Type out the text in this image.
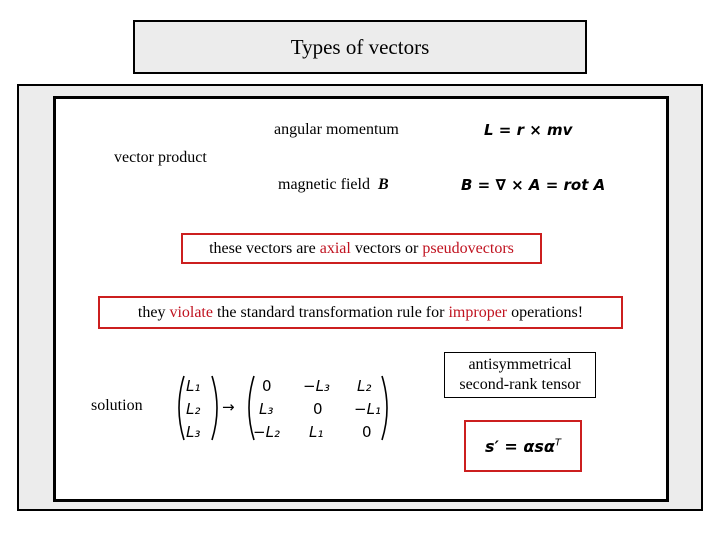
Types of vectors
angular momentum	L = r × mv
vector product
magnetic field B	B = ∇ × A = rot A
these vectors are axial vectors or pseudovectors
they violate the standard transformation rule for improper operations!
solution
L₁
L₂
L₃
→
0 −L₃ L₂
L₃	0 −L₁
−L₂ L₁	0
antisymmetrical
second-rank tensor
s′ = αsα$^T$
